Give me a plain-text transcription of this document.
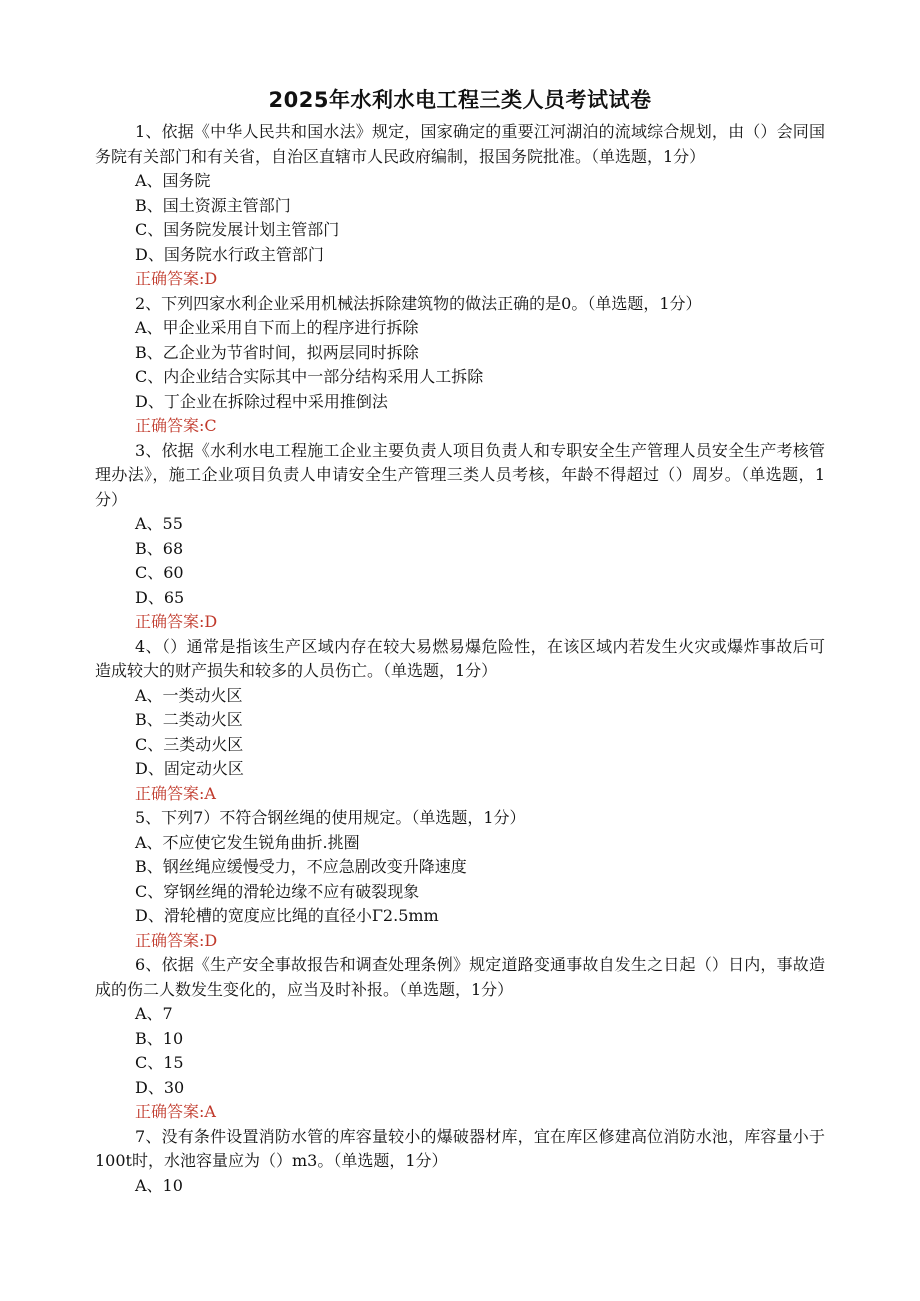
2025年水利水电工程三类人员考试试卷

1、依据《中华人民共和国水法》规定，国家确定的重要江河湖泊的流域综合规划，由（）会同国务院有关部门和有关省，自治区直辖市人民政府编制，报国务院批准。（单选题，1分）

A、国务院

B、国土资源主管部门

C、国务院发展计划主管部门

D、国务院水行政主管部门

正确答案:D

2、下列四家水利企业采用机械法拆除建筑物的做法正确的是0。（单选题，1分）

A、甲企业采用自下而上的程序进行拆除

B、乙企业为节省时间，拟两层同时拆除

C、内企业结合实际其中一部分结构采用人工拆除

D、丁企业在拆除过程中采用推倒法

正确答案:C

3、依据《水利水电工程施工企业主要负责人项目负责人和专职安全生产管理人员安全生产考核管理办法》，施工企业项目负责人申请安全生产管理三类人员考核，年龄不得超过（）周岁。（单选题，1分）

A、55

B、68

C、60

D、65

正确答案:D

4、（）通常是指该生产区域内存在较大易燃易爆危险性，在该区域内若发生火灾或爆炸事故后可造成较大的财产损失和较多的人员伤亡。（单选题，1分）

A、一类动火区

B、二类动火区

C、三类动火区

D、固定动火区

正确答案:A

5、下列7）不符合钢丝绳的使用规定。（单选题，1分）

A、不应使它发生锐角曲折.挑圈

B、钢丝绳应缓慢受力，不应急剧改变升降速度

C、穿钢丝绳的滑轮边缘不应有破裂现象

D、滑轮槽的宽度应比绳的直径小Γ2.5mm

正确答案:D

6、依据《生产安全事故报告和调查处理条例》规定道路变通事故自发生之日起（）日内，事故造成的伤二人数发生变化的，应当及时补报。（单选题，1分）

A、7

B、10

C、15

D、30

正确答案:A

7、没有条件设置消防水管的库容量较小的爆破器材库，宜在库区修建高位消防水池，库容量小于100t时，水池容量应为（）m3。（单选题，1分）

A、10
